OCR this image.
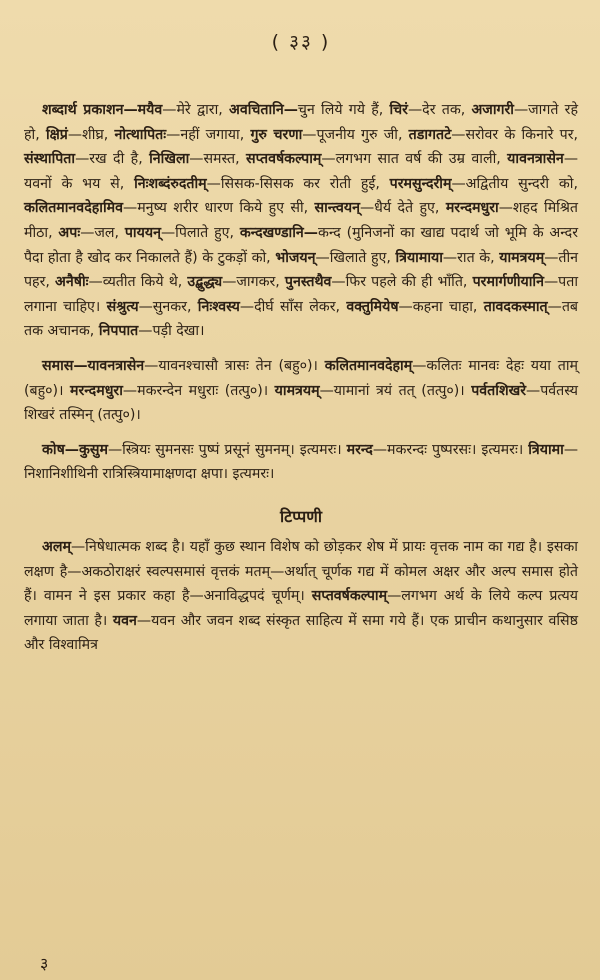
( ३३ )

शब्दार्थ प्रकाशन—मयैव—मेरे द्वारा, अवचितानि—चुन लिये गये हैं, चिरं—देर तक, अजागरी—जागते रहे हो, क्षिप्रं—शीघ्र, नोत्थापितः—नहीं जगाया, गुरु चरणा—पूजनीय गुरु जी, तडागतटे—सरोवर के किनारे पर, संस्थापिता—रख दी है, निखिला—समस्त, सप्तवर्षकल्पाम्—लगभग सात वर्ष की उम्र वाली, यावनत्रासेन—यवनों के भय से, निःशब्दंरुदतीम्—सिसक-सिसक कर रोती हुई, परमसुन्दरीम्—अद्वितीय सुन्दरी को, कलितमानवदेहामिव—मनुष्य शरीर धारण किये हुए सी, सान्त्वयन्—धैर्य देते हुए, मरन्दमधुरा—शहद मिश्रित मीठा, अपः—जल, पाययन्—पिलाते हुए, कन्दखण्डानि—कन्द (मुनिजनों का खाद्य पदार्थ जो भूमि के अन्दर पैदा होता है खोद कर निकालते हैं) के टुकड़ों को, भोजयन्—खिलाते हुए, त्रियामाया—रात के, यामत्रयम्—तीन पहर, अनैषीः—व्यतीत किये थे, उद्बुद्ध्य—जागकर, पुनस्तथैव—फिर पहले की ही भाँति, परमार्गणीयानि—पता लगाना चाहिए। संश्रुत्य—सुनकर, निःश्वस्य—दीर्घ साँस लेकर, वक्तुमियेष—कहना चाहा, तावदकस्मात्—तब तक अचानक, निपपात—पड़ी देखा।

समास—यावनत्रासेन—यावनश्चासौ त्रासः तेन (बहु०)। कलितमानवदेहाम्—कलितः मानवः देहः यया ताम् (बहु०)। मरन्दमधुरा—मकरन्देन मधुराः (तत्पु०)। यामत्रयम्—यामानां त्रयं तत् (तत्पु०)। पर्वतशिखरे—पर्वतस्य शिखरं तस्मिन् (तत्पु०)।

कोष—कुसुम—स्त्रियः सुमनसः पुष्पं प्रसूनं सुमनम्। इत्यमरः। मरन्द—मकरन्दः पुष्परसः। इत्यमरः। त्रियामा—निशानिशीथिनी रात्रिस्त्रियामाक्षणदा क्षपा। इत्यमरः।

टिप्पणी

अलम्—निषेधात्मक शब्द है। यहाँ कुछ स्थान विशेष को छोड़कर शेष में प्रायः वृत्तक नाम का गद्य है। इसका लक्षण है—अकठोराक्षरं स्वल्पसमासं वृत्तकं मतम्—अर्थात् चूर्णक गद्य में कोमल अक्षर और अल्प समास होते हैं। वामन ने इस प्रकार कहा है—अनाविद्धपदं चूर्णम्। सप्तवर्षकल्पाम्—लगभग अर्थ के लिये कल्प प्रत्यय लगाया जाता है। यवन—यवन और जवन शब्द संस्कृत साहित्य में समा गये हैं। एक प्राचीन कथानुसार वसिष्ठ और विश्वामित्र

३
